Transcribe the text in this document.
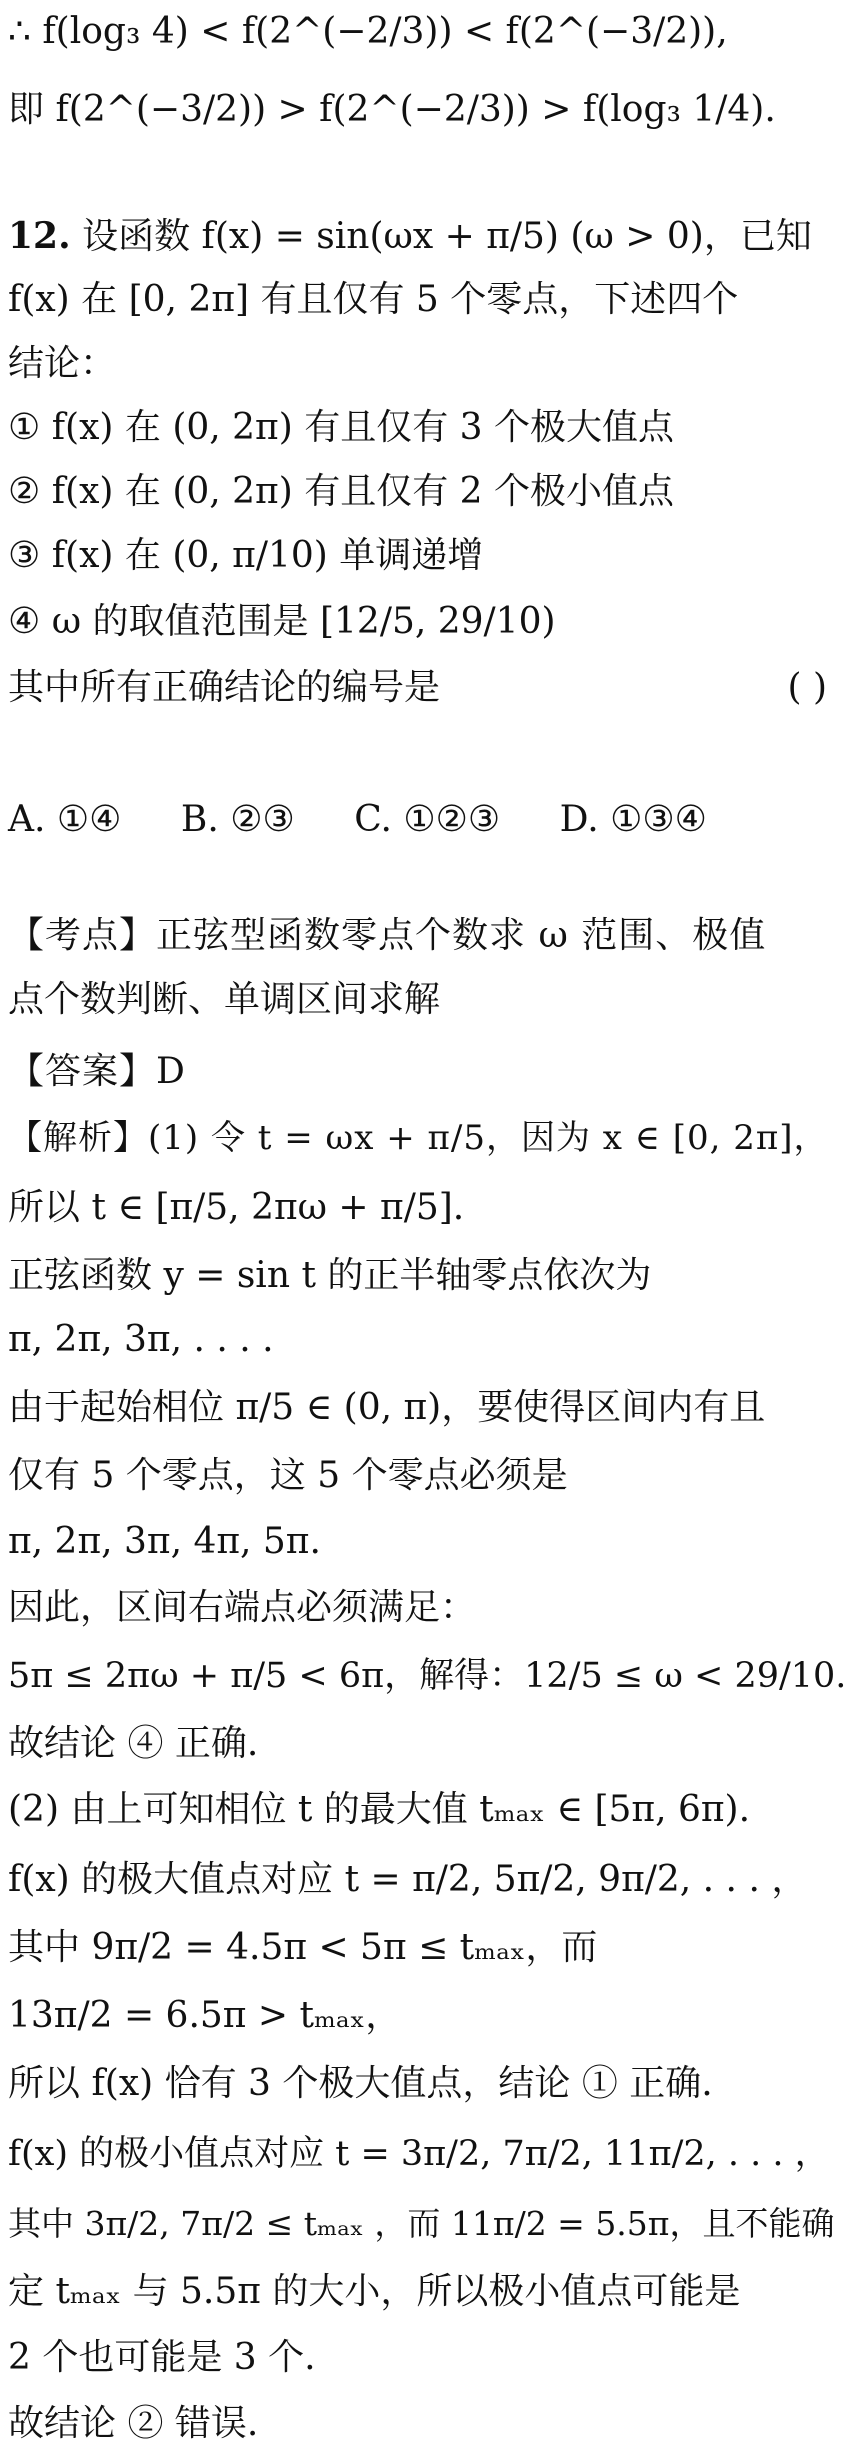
∴ f(log₃ 4) < f(2^(−2/3)) < f(2^(−3/2)),
即 f(2^(−3/2)) > f(2^(−2/3)) > f(log₃ 1/4).
12. 设函数 f(x) = sin(ωx + π/5) (ω > 0)，已知
f(x) 在 [0, 2π] 有且仅有 5 个零点，下述四个
结论：
① f(x) 在 (0, 2π) 有且仅有 3 个极大值点
② f(x) 在 (0, 2π) 有且仅有 2 个极小值点
③ f(x) 在 (0, π/10) 单调递增
④ ω 的取值范围是 [12/5, 29/10)
其中所有正确结论的编号是	( )
A. ①④ B. ②③ C. ①②③ D. ①③④
【考点】正弦型函数零点个数求 ω 范围、极值
点个数判断、单调区间求解
【答案】D
【解析】(1) 令 t = ωx + π/5，因为 x ∈ [0, 2π]，
所以 t ∈ [π/5, 2πω + π/5].
正弦函数 y = sin t 的正半轴零点依次为
π, 2π, 3π, . . . .
由于起始相位 π/5 ∈ (0, π)，要使得区间内有且
仅有 5 个零点，这 5 个零点必须是
π, 2π, 3π, 4π, 5π.
因此，区间右端点必须满足：
5π ≤ 2πω + π/5 < 6π，解得：12/5 ≤ ω < 29/10.
故结论 ④ 正确.
(2) 由上可知相位 t 的最大值 tₘₐₓ ∈ [5π, 6π).
f(x) 的极大值点对应 t = π/2, 5π/2, 9π/2, . . . ，
其中 9π/2 = 4.5π < 5π ≤ tₘₐₓ，而
13π/2 = 6.5π > tₘₐₓ，
所以 f(x) 恰有 3 个极大值点，结论 ① 正确.
f(x) 的极小值点对应 t = 3π/2, 7π/2, 11π/2, . . . ，
其中 3π/2, 7π/2 ≤ tₘₐₓ ，而 11π/2 = 5.5π，且不能确
定 tₘₐₓ 与 5.5π 的大小，所以极小值点可能是
2 个也可能是 3 个.
故结论 ② 错误.
